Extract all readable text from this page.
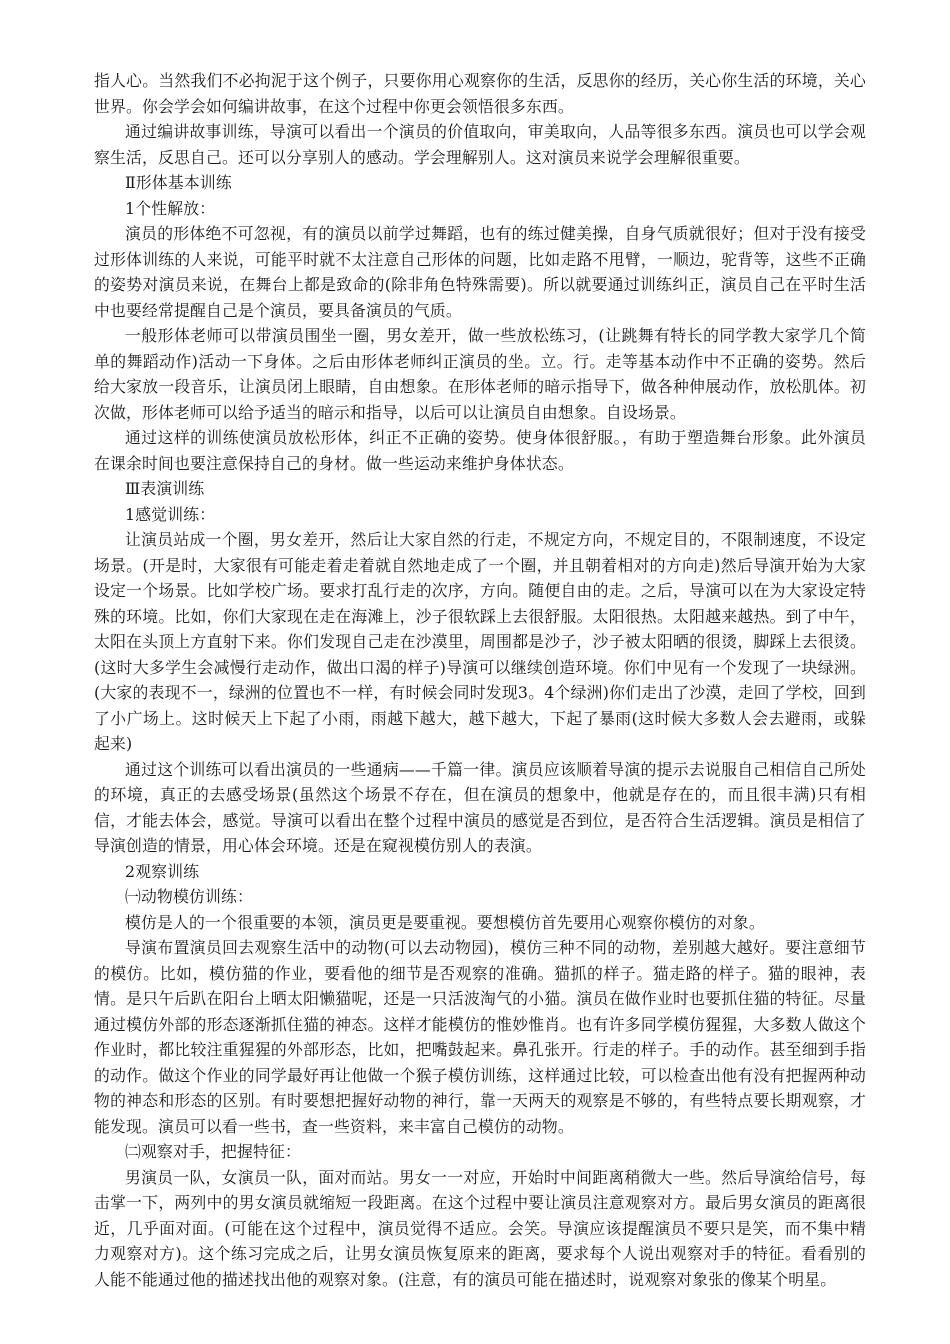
指人心。当然我们不必拘泥于这个例子，只要你用心观察你的生活，反思你的经历，关心你生活的环境，关心世界。你会学会如何编讲故事，在这个过程中你更会领悟很多东西。

通过编讲故事训练，导演可以看出一个演员的价值取向，审美取向，人品等很多东西。演员也可以学会观察生活，反思自己。还可以分享别人的感动。学会理解别人。这对演员来说学会理解很重要。

Ⅱ形体基本训练

1个性解放：

演员的形体绝不可忽视，有的演员以前学过舞蹈，也有的练过健美操，自身气质就很好；但对于没有接受过形体训练的人来说，可能平时就不太注意自己形体的问题，比如走路不甩臂，一顺边，驼背等，这些不正确的姿势对演员来说，在舞台上都是致命的(除非角色特殊需要)。所以就要通过训练纠正，演员自己在平时生活中也要经常提醒自己是个演员，要具备演员的气质。

一般形体老师可以带演员围坐一圈，男女差开，做一些放松练习，(让跳舞有特长的同学教大家学几个简单的舞蹈动作)活动一下身体。之后由形体老师纠正演员的坐。立。行。走等基本动作中不正确的姿势。然后给大家放一段音乐，让演员闭上眼睛，自由想象。在形体老师的暗示指导下，做各种伸展动作，放松肌体。初次做，形体老师可以给予适当的暗示和指导，以后可以让演员自由想象。自设场景。

通过这样的训练使演员放松形体，纠正不正确的姿势。使身体很舒服。，有助于塑造舞台形象。此外演员在课余时间也要注意保持自己的身材。做一些运动来维护身体状态。

Ⅲ表演训练

1感觉训练：

让演员站成一个圈，男女差开，然后让大家自然的行走，不规定方向，不规定目的，不限制速度，不设定场景。(开是时，大家很有可能走着走着就自然地走成了一个圈，并且朝着相对的方向走)然后导演开始为大家设定一个场景。比如学校广场。要求打乱行走的次序，方向。随便自由的走。之后，导演可以在为大家设定特殊的环境。比如，你们大家现在走在海滩上，沙子很软踩上去很舒服。太阳很热。太阳越来越热。到了中午，太阳在头顶上方直射下来。你们发现自己走在沙漠里，周围都是沙子，沙子被太阳晒的很烫，脚踩上去很烫。(这时大多学生会减慢行走动作，做出口渴的样子)导演可以继续创造环境。你们中见有一个发现了一块绿洲。(大家的表现不一，绿洲的位置也不一样，有时候会同时发现3。4个绿洲)你们走出了沙漠，走回了学校，回到了小广场上。这时候天上下起了小雨，雨越下越大，越下越大，下起了暴雨(这时候大多数人会去避雨，或躲起来)

通过这个训练可以看出演员的一些通病——千篇一律。演员应该顺着导演的提示去说服自己相信自己所处的环境，真正的去感受场景(虽然这个场景不存在，但在演员的想象中，他就是存在的，而且很丰满)只有相信，才能去体会，感觉。导演可以看出在整个过程中演员的感觉是否到位，是否符合生活逻辑。演员是相信了导演创造的情景，用心体会环境。还是在窥视模仿别人的表演。

2观察训练

㈠动物模仿训练：

模仿是人的一个很重要的本领，演员更是要重视。要想模仿首先要用心观察你模仿的对象。

导演布置演员回去观察生活中的动物(可以去动物园)，模仿三种不同的动物，差别越大越好。要注意细节的模仿。比如，模仿猫的作业，要看他的细节是否观察的准确。猫抓的样子。猫走路的样子。猫的眼神，表情。是只午后趴在阳台上晒太阳懒猫呢，还是一只活波淘气的小猫。演员在做作业时也要抓住猫的特征。尽量通过模仿外部的形态逐渐抓住猫的神态。这样才能模仿的惟妙惟肖。也有许多同学模仿猩猩，大多数人做这个作业时，都比较注重猩猩的外部形态，比如，把嘴鼓起来。鼻孔张开。行走的样子。手的动作。甚至细到手指的动作。做这个作业的同学最好再让他做一个猴子模仿训练，这样通过比较，可以检查出他有没有把握两种动物的神态和形态的区别。有时要想把握好动物的神行，靠一天两天的观察是不够的，有些特点要长期观察，才能发现。演员可以看一些书，查一些资料，来丰富自己模仿的动物。

㈡观察对手，把握特征：

男演员一队，女演员一队，面对而站。男女一一对应，开始时中间距离稍微大一些。然后导演给信号，每击掌一下，两列中的男女演员就缩短一段距离。在这个过程中要让演员注意观察对方。最后男女演员的距离很近，几乎面对面。(可能在这个过程中，演员觉得不适应。会笑。导演应该提醒演员不要只是笑，而不集中精力观察对方)。这个练习完成之后，让男女演员恢复原来的距离，要求每个人说出观察对手的特征。看看别的人能不能通过他的描述找出他的观察对象。(注意，有的演员可能在描述时，说观察对象张的像某个明星。
